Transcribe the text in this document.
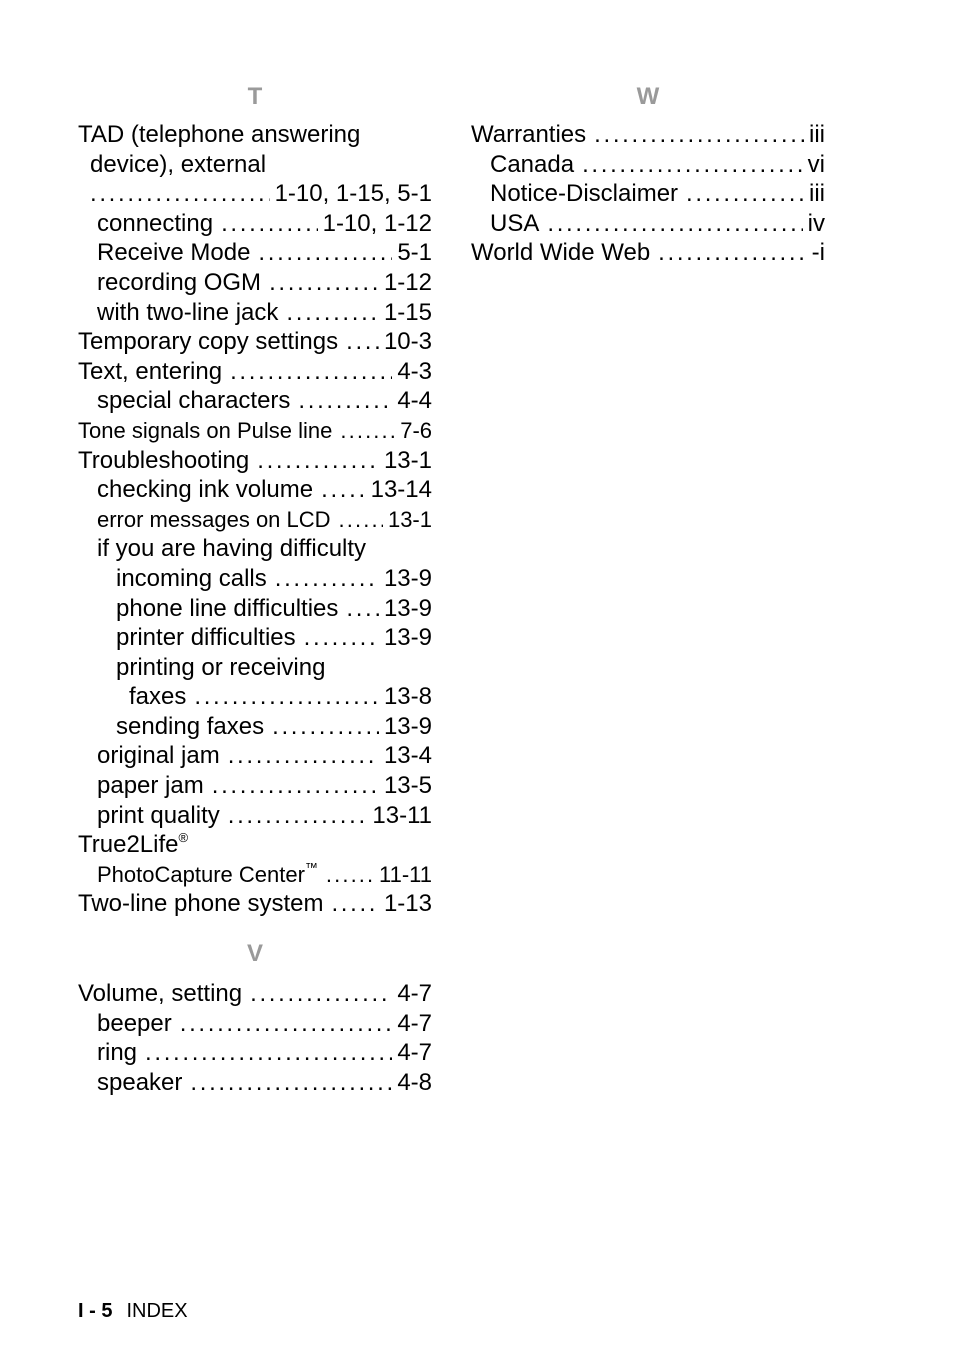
T
TAD (telephone answering
device), external
. . .
1-10, 1-15, 5-1
connecting . . .	1-10, 1-12
Receive Mode . . .	5-1
recording OGM . . .	1-12
with two-line jack . . .	1-15
Temporary copy settings . . . 10-3
Text, entering . . .	4-3
special characters . . .	4-4
Tone signals on Pulse line . . .	7-6
Troubleshooting . . .	13-1
checking ink volume . . . 13-14
error messages on LCD . . .	13-1
if you are having difficulty
incoming calls . . .	13-9
phone line difficulties . . . 13-9
printer difficulties . . .	13-9
printing or receiving
faxes . . .	13-8
sending faxes . . .	13-9
original jam . . .	13-4
paper jam . . .	13-5
print quality . . .	13-11
True2Life®
PhotoCapture Center™ . . .	11-11
Two-line phone system . . .	1-13
V
Volume, setting . . .	4-7
beeper . . .	4-7
ring . . .	4-7
speaker . . .	4-8
W
Warranties . . .	iii
Canada . . .	vi
Notice-Disclaimer . . .	iii
USA . . .	iv
World Wide Web . . .	-i
I - 5 INDEX
